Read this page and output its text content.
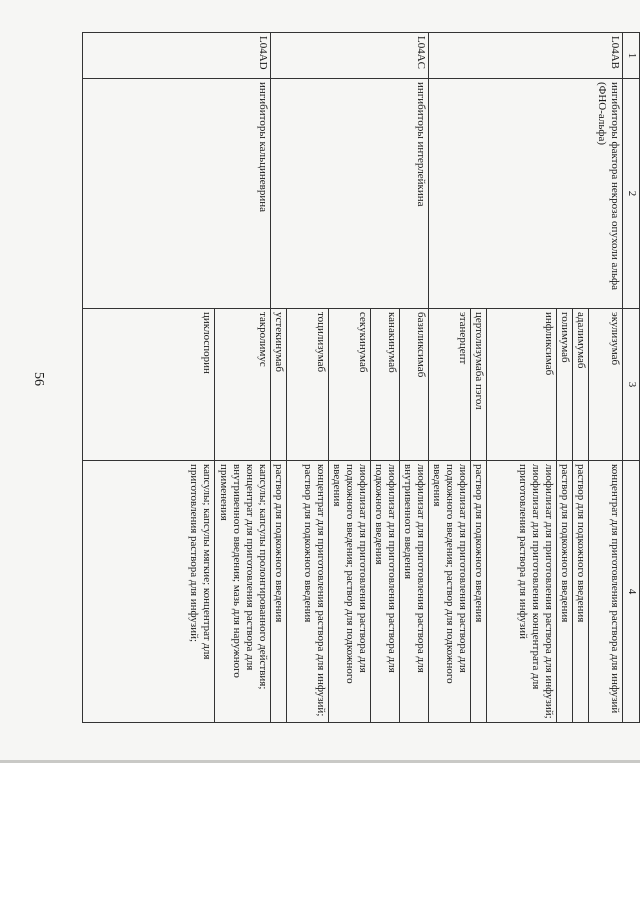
56
1	2	3	4
L04AB	ингибиторы фактора некроза опухоли альфа (ФНО-альфа)	экулизумаб	концентрат для приготовления раствора для инфузий
		адалимумаб	раствор для подкожного введения
		голимумаб	раствор для подкожного введения
		инфликсимаб	лиофилизат для приготовления раствора для инфузий; лиофилизат для приготовления концентрата для приготовления раствора для инфузий
		цертолизумаба пэгол	раствор для подкожного введения
		этанерцепт	лиофилизат для приготовления раствора для подкожного введения; раствор для подкожного введения

L04AC	ингибиторы интерлейкина	базиликсимаб	лиофилизат для приготовления раствора для внутривенного введения
		канакинумаб	лиофилизат для приготовления раствора для подкожного введения
		секукинумаб	лиофилизат для приготовления раствора для подкожного введения; раствор для подкожного введения
		тоцилизумаб	концентрат для приготовления раствора для инфузий; раствор для подкожного введения
		устекинумаб	раствор для подкожного введения
L04AD	ингибиторы кальциневрина	такролимус	капсулы; капсулы пролонгированного действия; концентрат для приготовления раствора для внутривенного введения; мазь для наружного применения
		циклоспорин	капсулы; капсулы мягкие; концентрат для приготовления раствора для инфузий;
